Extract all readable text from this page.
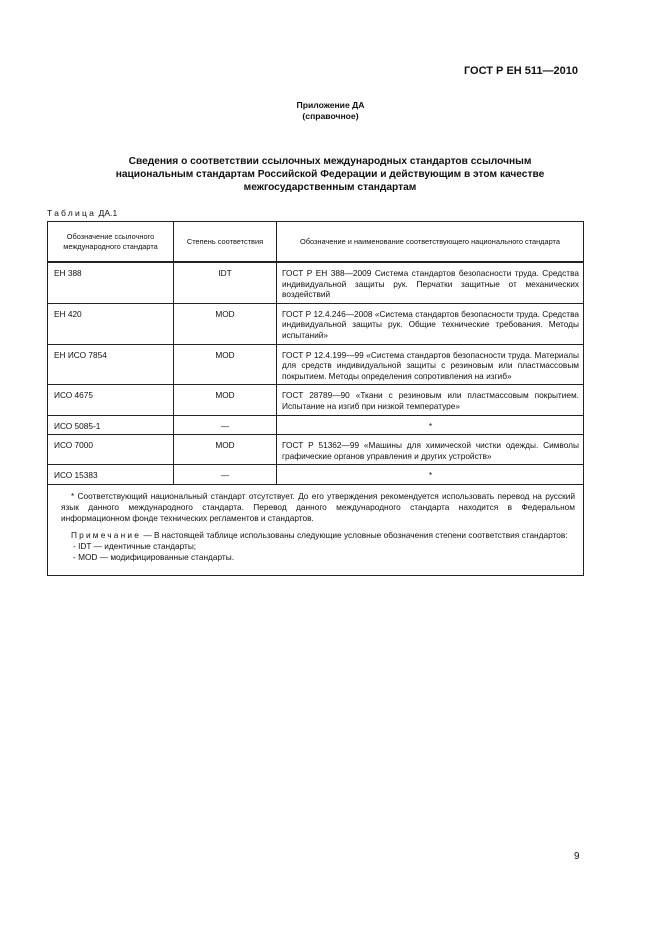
ГОСТ Р ЕН 511—2010
Приложение ДА
(справочное)
Сведения о соответствии ссылочных международных стандартов ссылочным
национальным стандартам Российской Федерации и действующим в этом качестве
межгосударственным стандартам
Таблица ДА.1
Обозначение ссылочного международного стандарта	Степень соответствия	Обозначение и наименование соответствующего национального стандарта
ЕН 388	IDT	ГОСТ Р ЕН 388—2009 Система стандартов безопасности труда. Средства индивидуальной защиты рук. Перчатки защитные от механических воздействий
ЕН 420	MOD	ГОСТ Р 12.4.246—2008 «Система стандартов безопасности труда. Средства индивидуальной защиты рук. Общие технические требования. Методы испытаний»
ЕН ИСО 7854	MOD	ГОСТ Р 12.4.199—99 «Система стандартов безопасности труда. Материалы для средств индивидуальной защиты с резиновым или пластмассовым покрытием. Методы определения сопротивления на изгиб»
ИСО 4675	MOD	ГОСТ 28789—90 «Ткани с резиновым или пластмассовым покрытием. Испытание на изгиб при низкой температуре»
ИСО 5085-1	—	*
ИСО 7000	MOD	ГОСТ Р 51362—99 «Машины для химической чистки одежды. Символы графические органов управления и других устройств»
ИСО 15383	—	*

* Соответствующий национальный стандарт отсутствует. До его утверждения рекомендуется использовать перевод на русский язык данного международного стандарта. Перевод данного международного стандарта находится в Федеральном информационном фонде технических регламентов и стандартов.

Примечание — В настоящей таблице использованы следующие условные обозначения степени соответствия стандартов:

- IDT — идентичные стандарты;

- MOD — модифицированные стандарты.		

9
